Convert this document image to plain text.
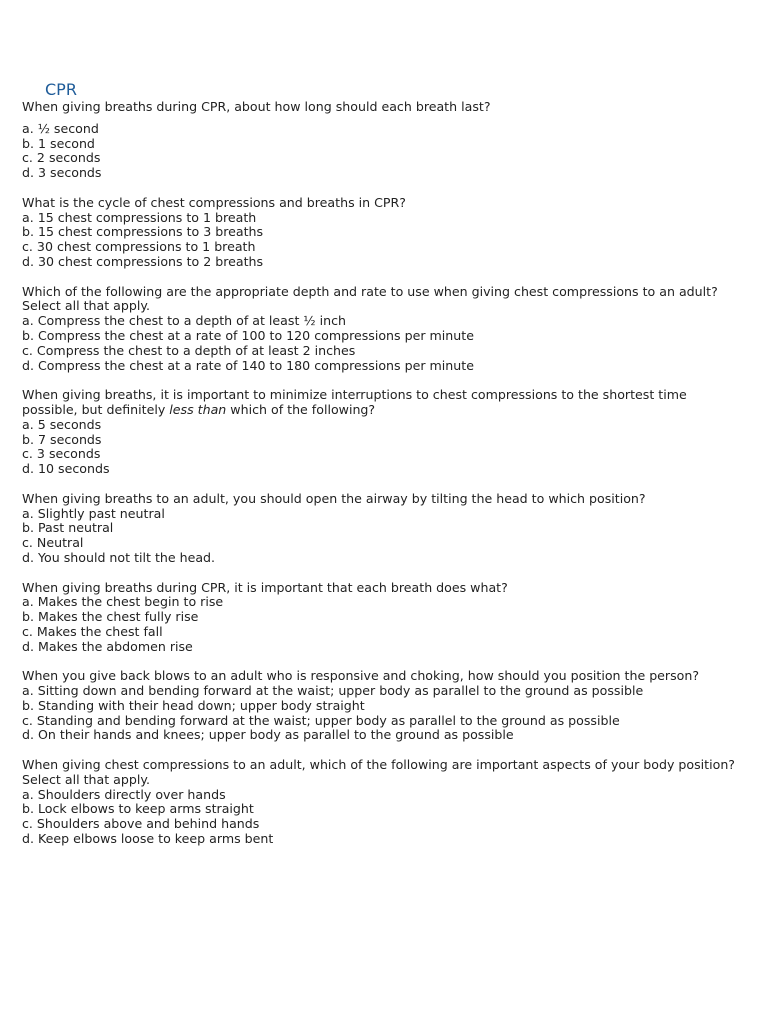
CPR

When giving breaths during CPR, about how long should each breath last?

a. ½ second
b. 1 second
c. 2 seconds
d. 3 seconds

What is the cycle of chest compressions and breaths in CPR?

a. 15 chest compressions to 1 breath
b. 15 chest compressions to 3 breaths
c. 30 chest compressions to 1 breath
d. 30 chest compressions to 2 breaths

Which of the following are the appropriate depth and rate to use when giving chest compressions to an adult? Select all that apply.

a. Compress the chest to a depth of at least ½ inch
b. Compress the chest at a rate of 100 to 120 compressions per minute
c. Compress the chest to a depth of at least 2 inches
d. Compress the chest at a rate of 140 to 180 compressions per minute

When giving breaths, it is important to minimize interruptions to chest compressions to the shortest time possible, but definitely less than which of the following?

a. 5 seconds
b. 7 seconds
c. 3 seconds
d. 10 seconds

When giving breaths to an adult, you should open the airway by tilting the head to which position?

a. Slightly past neutral
b. Past neutral
c. Neutral
d. You should not tilt the head.

When giving breaths during CPR, it is important that each breath does what?

a. Makes the chest begin to rise
b. Makes the chest fully rise
c. Makes the chest fall
d. Makes the abdomen rise

When you give back blows to an adult who is responsive and choking, how should you position the person?

a. Sitting down and bending forward at the waist; upper body as parallel to the ground as possible
b. Standing with their head down; upper body straight
c. Standing and bending forward at the waist; upper body as parallel to the ground as possible
d. On their hands and knees; upper body as parallel to the ground as possible

When giving chest compressions to an adult, which of the following are important aspects of your body position? Select all that apply.

a. Shoulders directly over hands
b. Lock elbows to keep arms straight
c. Shoulders above and behind hands
d. Keep elbows loose to keep arms bent
